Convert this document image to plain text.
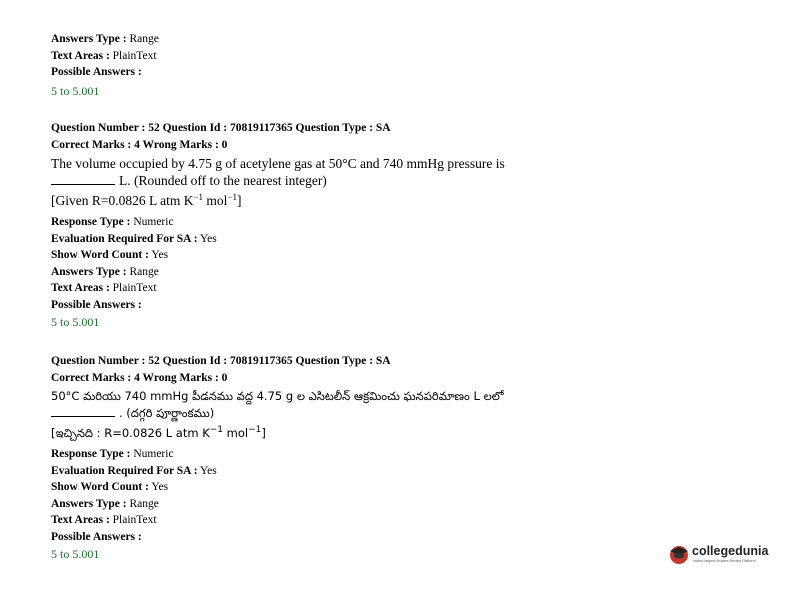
Answers Type : Range
Text Areas : PlainText
Possible Answers :
5 to 5.001
Question Number : 52 Question Id : 70819117365 Question Type : SA
Correct Marks : 4 Wrong Marks : 0
The volume occupied by 4.75 g of acetylene gas at 50°C and 740 mmHg pressure is
L. (Rounded off to the nearest integer)
[Given R=0.0826 L atm $K^{-1}$ mol$^{-1}$]
Response Type : Numeric
Evaluation Required For SA : Yes
Show Word Count : Yes
Answers Type : Range
Text Areas : PlainText
Possible Answers :
5 to 5.001
Question Number : 52 Question Id : 70819117365 Question Type : SA
Correct Marks : 4 Wrong Marks : 0
50°C మరియు 740 mmHg పీడనము వద్ద 4.75 g ల ఎసిటలీన్ ఆక్రమించు ఘనపరిమాణం L లలో
. (దగ్గరి పూర్ణాంకము)
[ఇచ్చినది : R=0.0826 L atm $K^{-1}$ mol$^{-1}$]
Response Type : Numeric
Evaluation Required For SA : Yes
Show Word Count : Yes
Answers Type : Range
Text Areas : PlainText
Possible Answers :
5 to 5.001	collegedunia
India's largest Student Review Platform
